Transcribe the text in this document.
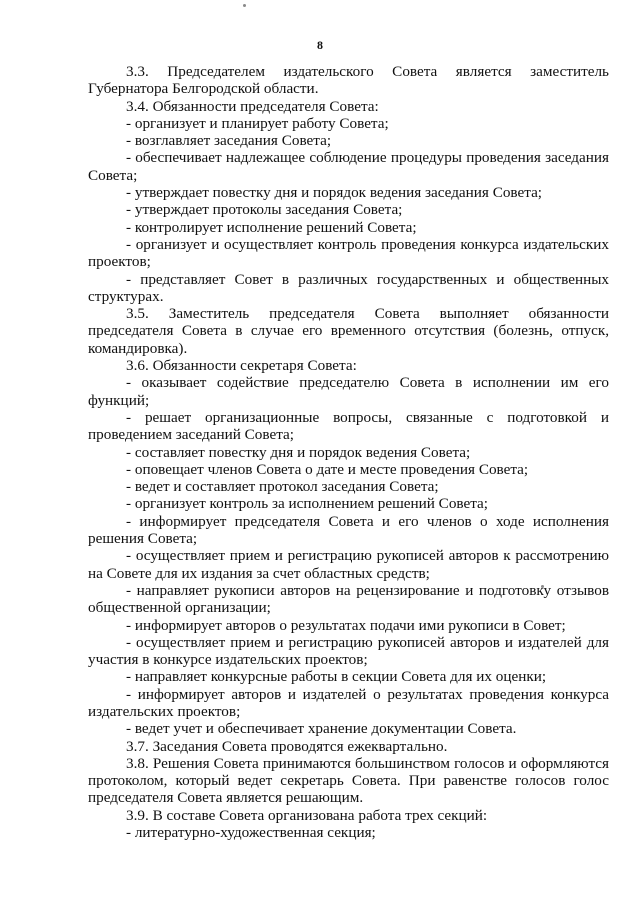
8

3.3. Председателем издательского Совета является заместитель Губернатора Белгородской области.

3.4. Обязанности председателя Совета:

- организует и планирует работу Совета;

- возглавляет заседания Совета;

- обеспечивает надлежащее соблюдение процедуры проведения заседания Совета;

- утверждает повестку дня и порядок ведения заседания Совета;

- утверждает протоколы заседания Совета;

- контролирует исполнение решений Совета;

- организует и осуществляет контроль проведения конкурса издательских проектов;

- представляет Совет в различных государственных и общественных структурах.

3.5. Заместитель председателя Совета выполняет обязанности председателя Совета в случае его временного отсутствия (болезнь, отпуск, командировка).

3.6. Обязанности секретаря Совета:

- оказывает содействие председателю Совета в исполнении им его функций;

- решает организационные вопросы, связанные с подготовкой и проведением заседаний Совета;

- составляет повестку дня и порядок ведения Совета;

- оповещает членов Совета о дате и месте проведения Совета;

- ведет и составляет протокол заседания Совета;

- организует контроль за исполнением решений Совета;

- информирует председателя Совета и его членов о ходе исполнения решения Совета;

- осуществляет прием и регистрацию рукописей авторов к рассмотрению на Совете для их издания за счет областных средств;

- направляет рукописи авторов на рецензирование и подготовку отзывов общественной организации;

- информирует авторов о результатах подачи ими рукописи в Совет;

- осуществляет прием и регистрацию рукописей авторов и издателей для участия в конкурсе издательских проектов;

- направляет конкурсные работы в секции Совета для их оценки;

- информирует авторов и издателей о результатах проведения конкурса издательских проектов;

- ведет учет и обеспечивает хранение документации Совета.

3.7. Заседания Совета проводятся ежеквартально.

3.8. Решения Совета принимаются большинством голосов и оформляются протоколом, который ведет секретарь Совета. При равенстве голосов голос председателя Совета является решающим.

3.9. В составе Совета организована работа трех секций:

- литературно-художественная секция;
